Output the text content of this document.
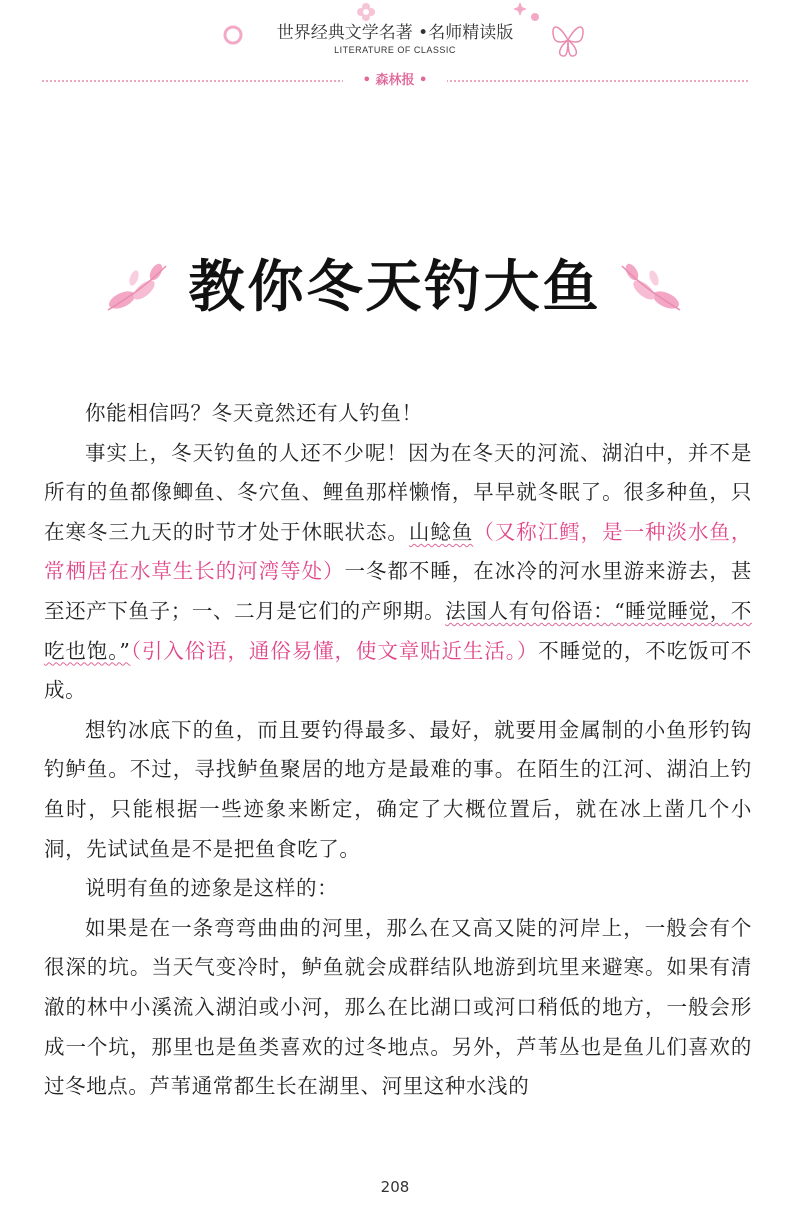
世界经典文学名著 •名师精读版
LITERATURE OF CLASSIC
• 森林报 •
教你冬天钓大鱼

你能相信吗？冬天竟然还有人钓鱼！

事实上，冬天钓鱼的人还不少呢！因为在冬天的河流、湖泊中，并不是所有的鱼都像鲫鱼、冬穴鱼、鲤鱼那样懒惰，早早就冬眠了。很多种鱼，只在寒冬三九天的时节才处于休眠状态。山鲶鱼（又称江鳕，是一种淡水鱼，常栖居在水草生长的河湾等处）一冬都不睡，在冰冷的河水里游来游去，甚至还产下鱼子；一、二月是它们的产卵期。法国人有句俗语：“睡觉睡觉，不吃也饱。”（引入俗语，通俗易懂，使文章贴近生活。）不睡觉的，不吃饭可不成。

想钓冰底下的鱼，而且要钓得最多、最好，就要用金属制的小鱼形钓钩钓鲈鱼。不过，寻找鲈鱼聚居的地方是最难的事。在陌生的江河、湖泊上钓鱼时，只能根据一些迹象来断定，确定了大概位置后，就在冰上凿几个小洞，先试试鱼是不是把鱼食吃了。

说明有鱼的迹象是这样的：

如果是在一条弯弯曲曲的河里，那么在又高又陡的河岸上，一般会有个很深的坑。当天气变冷时，鲈鱼就会成群结队地游到坑里来避寒。如果有清澈的林中小溪流入湖泊或小河，那么在比湖口或河口稍低的地方，一般会形成一个坑，那里也是鱼类喜欢的过冬地点。另外，芦苇丛也是鱼儿们喜欢的过冬地点。芦苇通常都生长在湖里、河里这种水浅的

208
